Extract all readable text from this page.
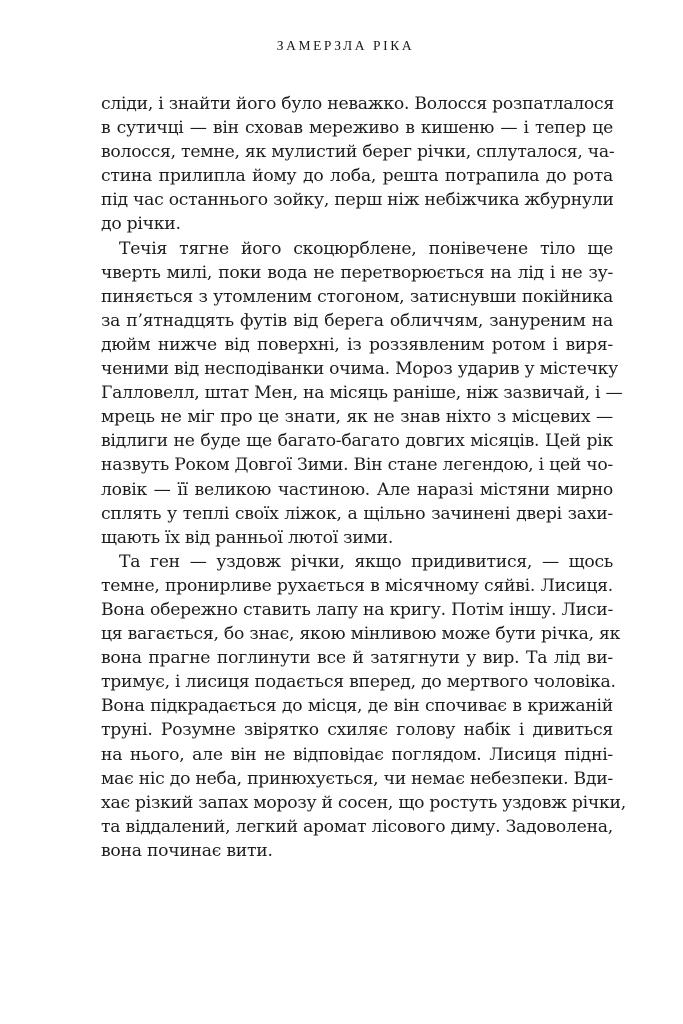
ЗАМЕРЗЛА РІКА
сліди, і знайти його було неважко. Волосся розпатлалося
в сутичці — він сховав мереживо в кишеню — і тепер це
волосся, темне, як мулистий берег річки, сплуталося, ча-
стина прилипла йому до лоба, решта потрапила до рота
під час останнього зойку, перш ніж небіжчика жбурнули
до річки.
Течія тягне його скоцюрблене, понівечене тіло ще
чверть милі, поки вода не перетворюється на лід і не зу-
пиняється з утомленим стогоном, затиснувши покійника
за п’ятнадцять футів від берега обличчям, зануреним на
дюйм нижче від поверхні, із роззявленим ротом і виря-
ченими від несподіванки очима. Мороз ударив у містечку
Галловелл, штат Мен, на місяць раніше, ніж зазвичай, і —
мрець не міг про це знати, як не знав ніхто з місцевих —
відлиги не буде ще багато-багато довгих місяців. Цей рік
назвуть Роком Довгої Зими. Він стане легендою, і цей чо-
ловік — її великою частиною. Але наразі містяни мирно
сплять у теплі своїх ліжок, а щільно зачинені двері захи-
щають їх від ранньої лютої зими.
Та ген — уздовж річки, якщо придивитися, — щось
темне, пронирливе рухається в місячному сяйві. Лисиця.
Вона обережно ставить лапу на кригу. Потім іншу. Лиси-
ця вагається, бо знає, якою мінливою може бути річка, як
вона прагне поглинути все й затягнути у вир. Та лід ви-
тримує, і лисиця подається вперед, до мертвого чоловіка.
Вона підкрадається до місця, де він спочиває в крижаній
труні. Розумне звірятко схиляє голову набік і дивиться
на нього, але він не відповідає поглядом. Лисиця підні-
має ніс до неба, принюхується, чи немає небезпеки. Вди-
хає різкий запах морозу й сосен, що ростуть уздовж річки,
та віддалений, легкий аромат лісового диму. Задоволена,
вона починає вити.
